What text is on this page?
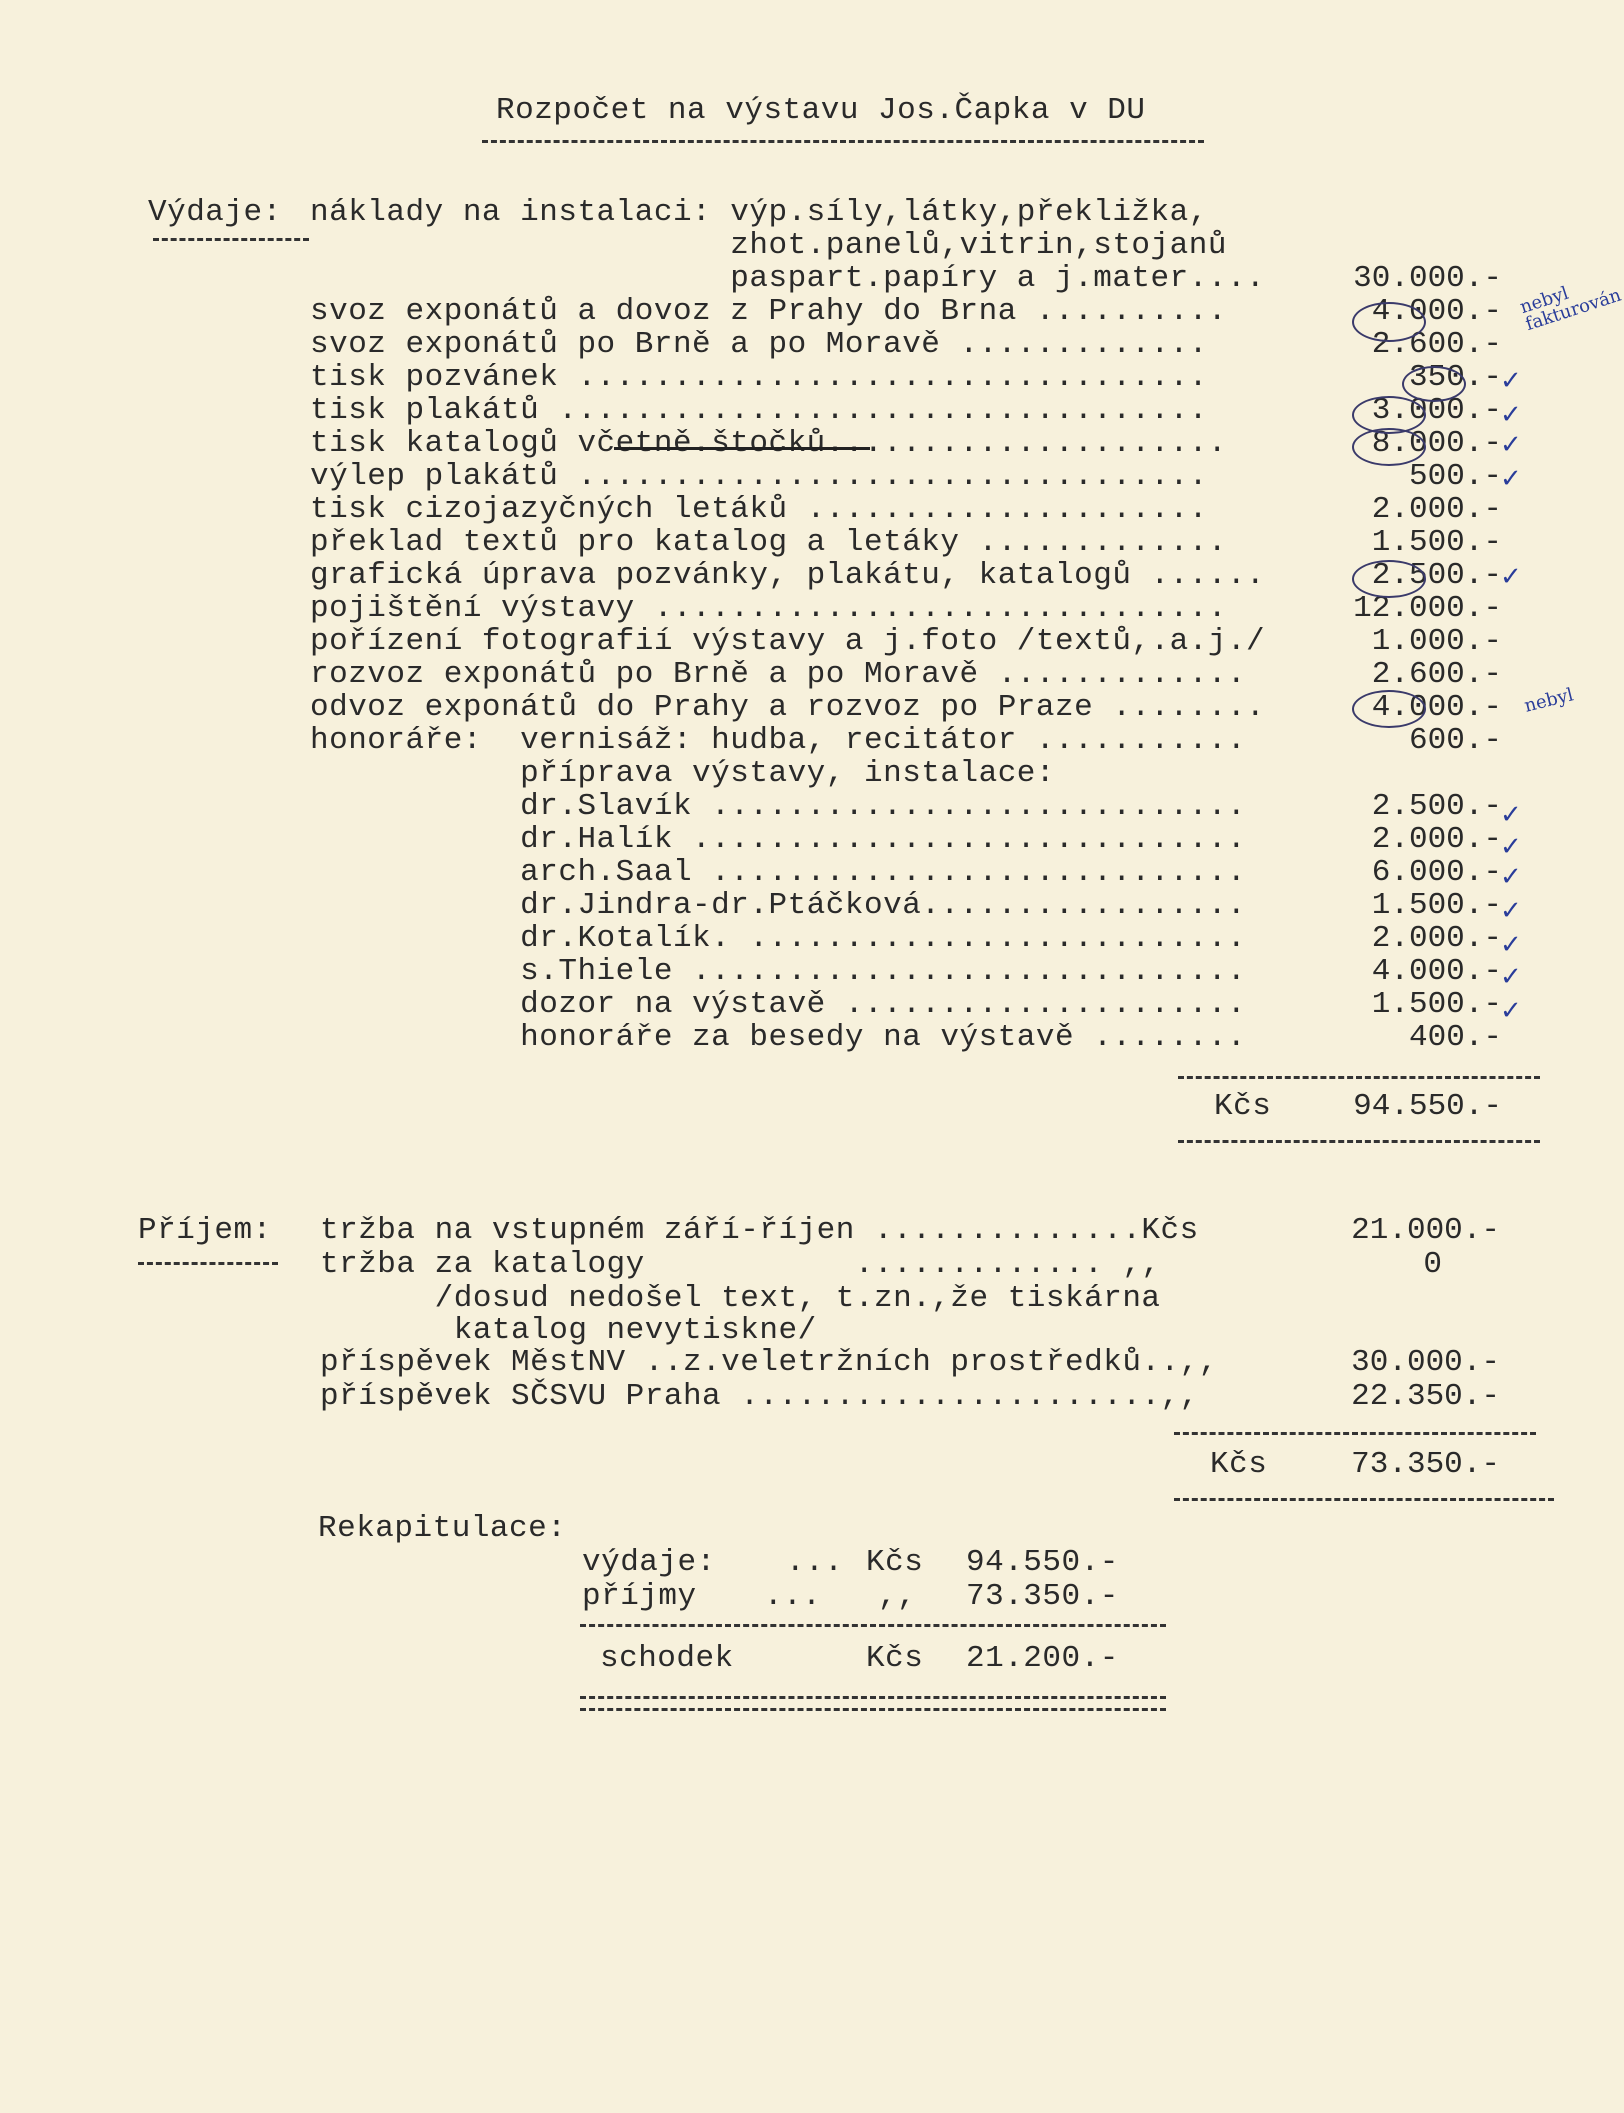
Rozpočet na výstavu Jos.Čapka v DU
Výdaje: náklady na instalaci: výp.síly,látky,překližka,
zhot.panelů,vitrin,stojanů
paspart.papíry a j.mater....	30.000.-
svoz exponátů a dovoz z Prahy do Brna ..........	4.000.-
svoz exponátů po Brně a po Moravě .............	2.600.-
tisk pozvánek .................................	350.-
tisk plakátů ..................................	3.000.-
tisk katalogů včetně.štočků.....................	8.000.-
výlep plakátů .................................	500.-
tisk cizojazyčných letáků .....................	2.000.-
překlad textů pro katalog a letáky .............	1.500.-
grafická úprava pozvánky, plakátu, katalogů ......	2.500.-
pojištění výstavy ..............................	12.000.-
pořízení fotografií výstavy a j.foto /textů,.a.j./	1.000.-
rozvoz exponátů po Brně a po Moravě .............	2.600.-
odvoz exponátů do Prahy a rozvoz po Praze ........	4.000.-
honoráře:  vernisáž: hudba, recitátor ...........	600.-
příprava výstavy, instalace:
dr.Slavík ............................	2.500.-
dr.Halík .............................	2.000.-
arch.Saal ............................	6.000.-
dr.Jindra-dr.Ptáčková.................	1.500.-
dr.Kotalík. ..........................	2.000.-
s.Thiele .............................	4.000.-
dozor na výstavě .....................	1.500.-
honoráře za besedy na výstavě ........	400.-
Kčs	94.550.-
Příjem: tržba na vstupném září-říjen ..............Kčs	21.000.-
tržba za katalogy           ............. ,,	0
/dosud nedošel text, t.zn.,že tiskárna
katalog nevytiskne/
příspěvek MěstNV ..z.veletržních prostředků..,,	30.000.-
příspěvek SČSVU Praha ......................,,	22.350.-
Kčs	73.350.-
Rekapitulace:
výdaje: ... Kčs 94.550.-
příjmy ... ,, 73.350.-
schodek	Kčs 21.200.-
nebyl fakturován
nebyl
✓
✓
✓
✓
✓
✓
✓
✓
✓
✓
✓
✓
